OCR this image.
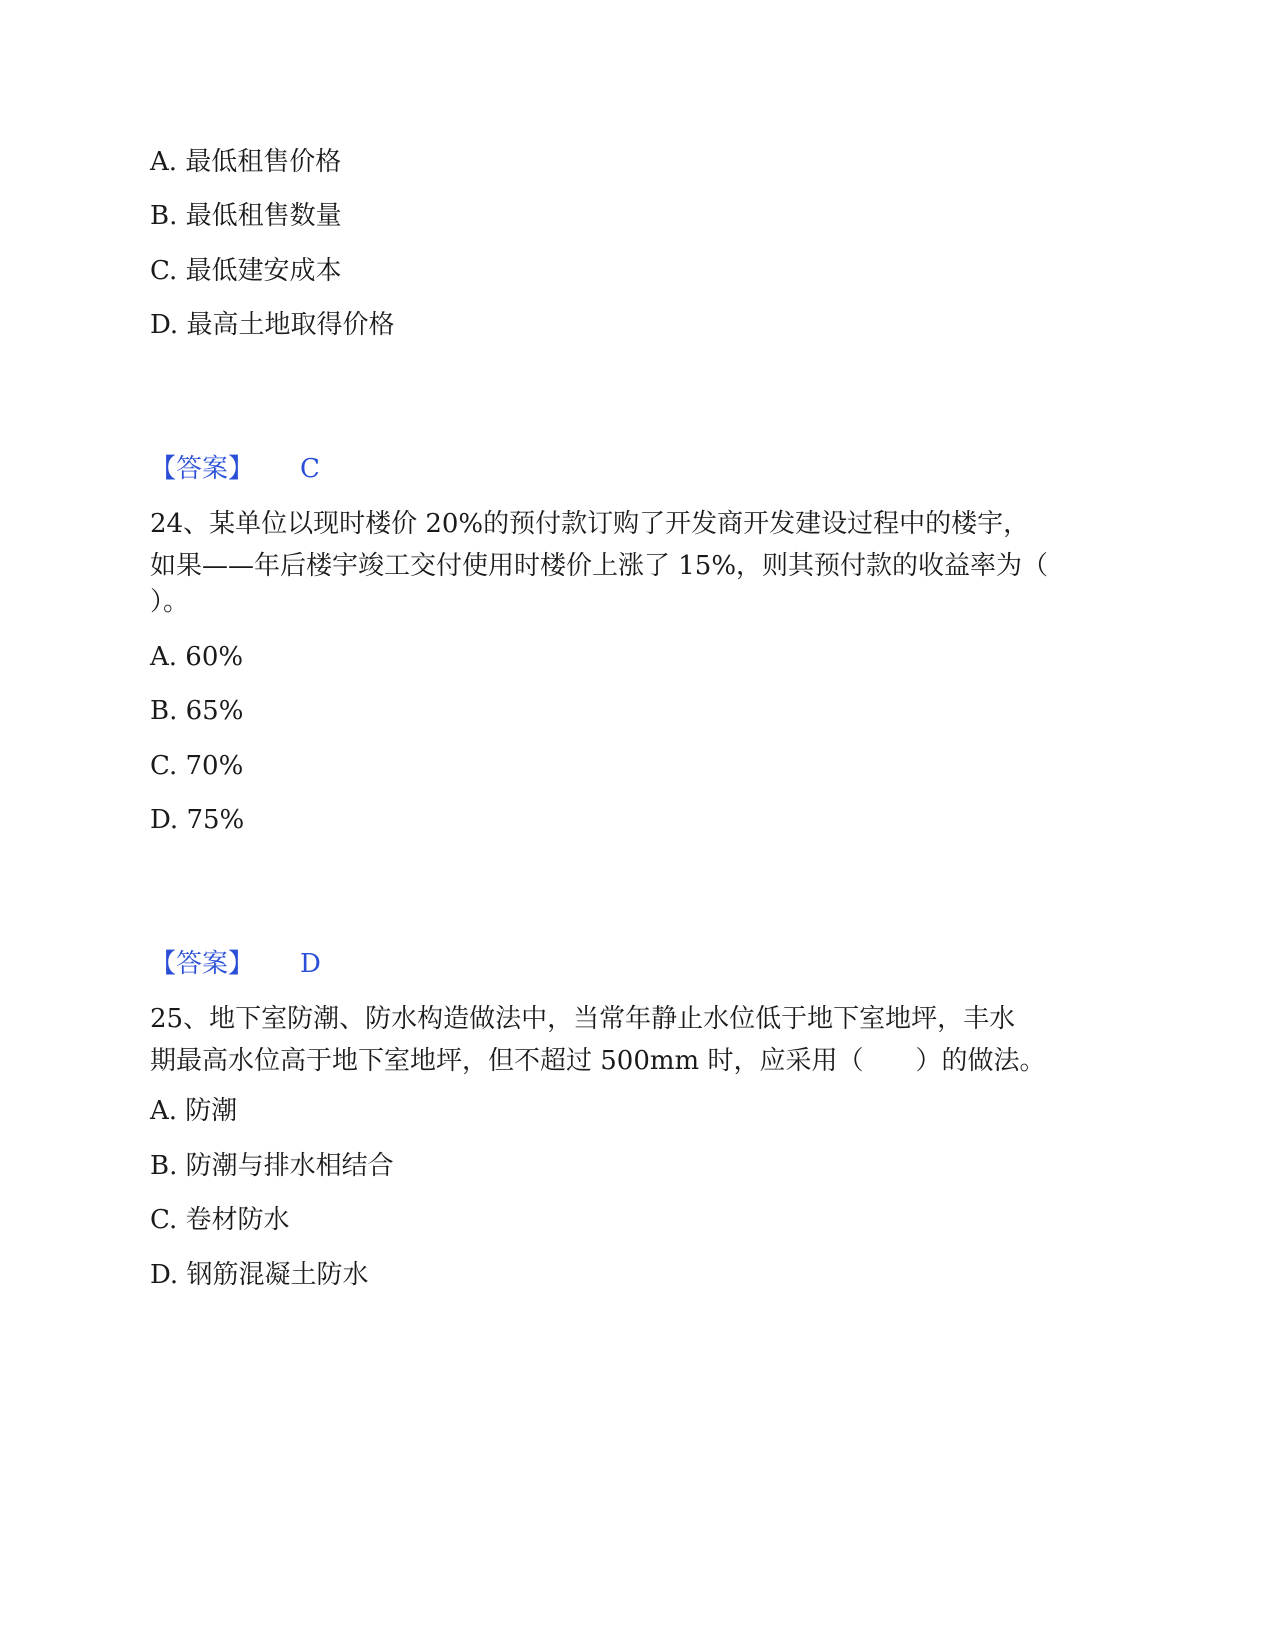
A. 最低租售价格
B. 最低租售数量
C. 最低建安成本
D. 最高土地取得价格
【答案】 C
24、某单位以现时楼价 20%的预付款订购了开发商开发建设过程中的楼宇，
如果——年后楼宇竣工交付使用时楼价上涨了 15%，则其预付款的收益率为（
）。
A. 60%
B. 65%
C. 70%
D. 75%
【答案】 D
25、地下室防潮、防水构造做法中，当常年静止水位低于地下室地坪，丰水
期最高水位高于地下室地坪，但不超过 500mm 时，应采用（　　）的做法。
A. 防潮
B. 防潮与排水相结合
C. 卷材防水
D. 钢筋混凝土防水
